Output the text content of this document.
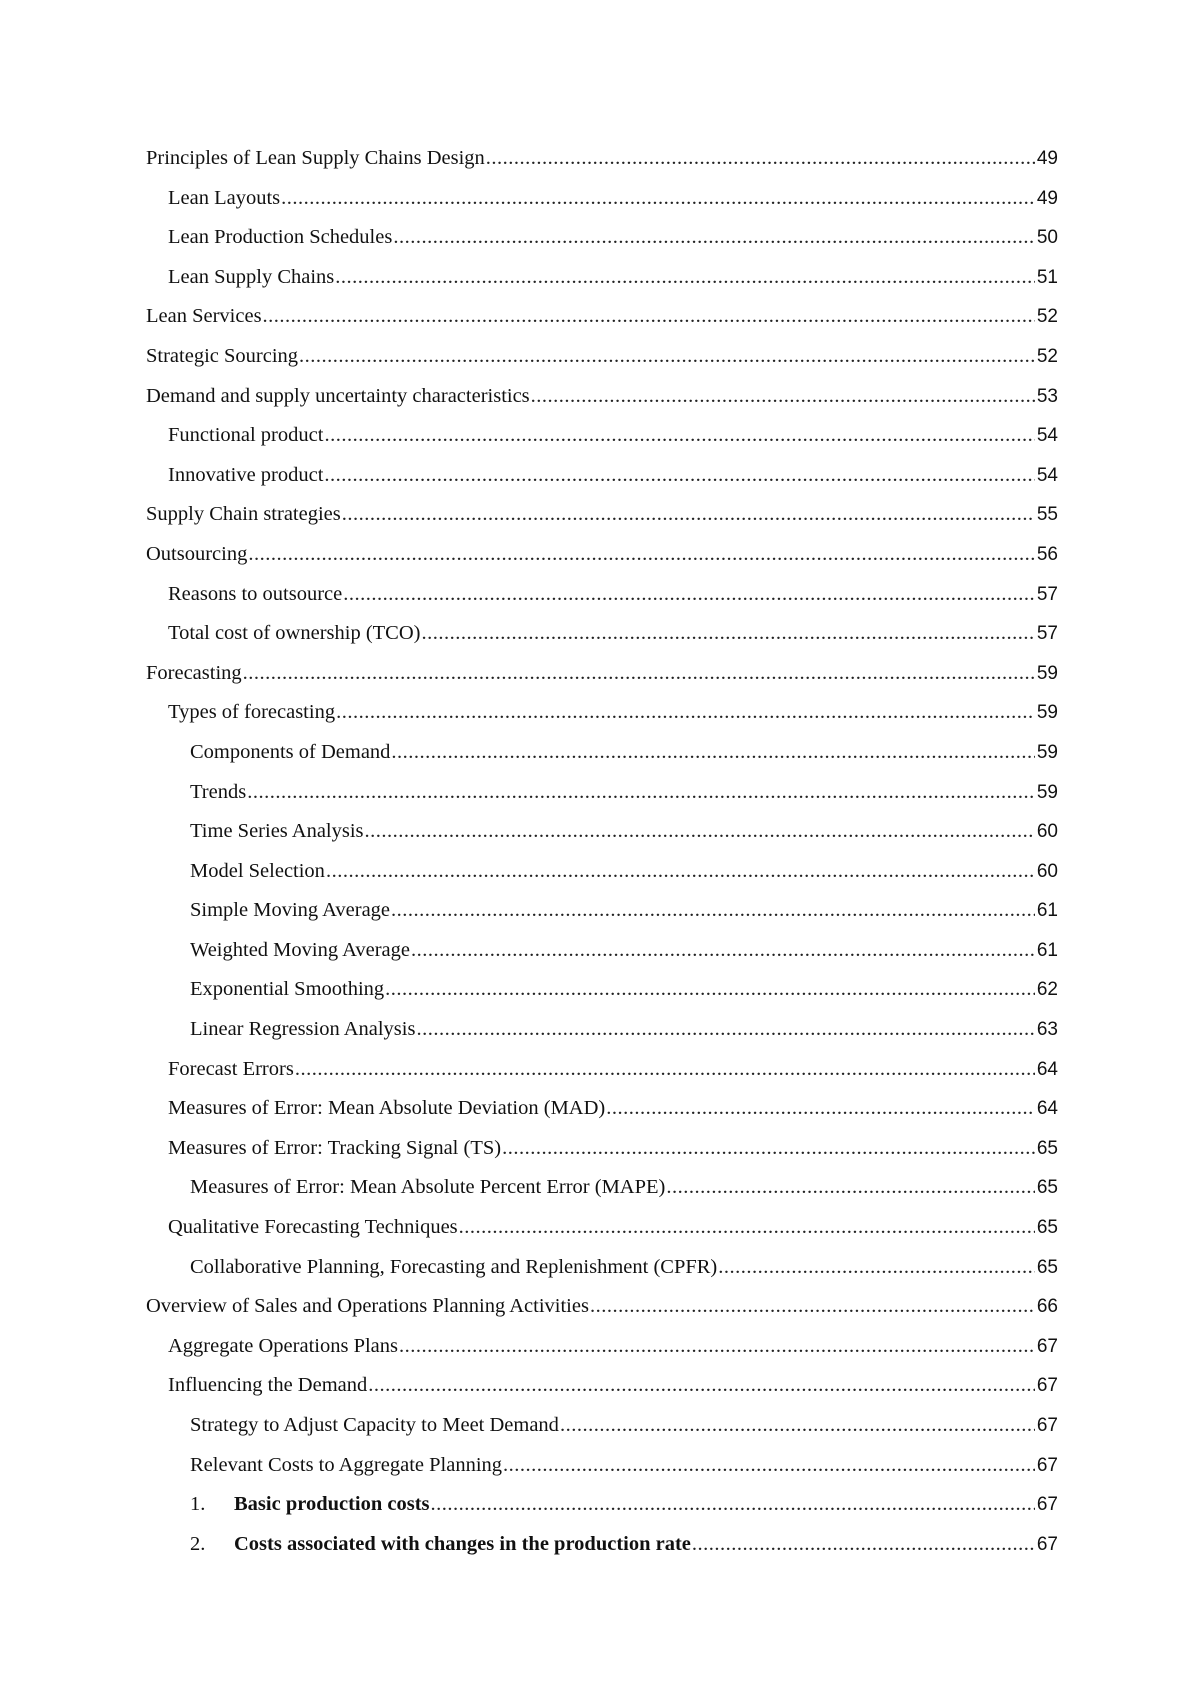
Principles of Lean Supply Chains Design .....	49
Lean Layouts .....	49
Lean Production Schedules .....	50
Lean Supply Chains .....	51
Lean Services .....	52
Strategic Sourcing .....	52
Demand and supply uncertainty characteristics .....	53
Functional product .....	54
Innovative product .....	54
Supply Chain strategies .....	55
Outsourcing .....	56
Reasons to outsource .....	57
Total cost of ownership (TCO) .....	57
Forecasting .....	59
Types of forecasting .....	59
Components of Demand .....	59
Trends .....	59
Time Series Analysis .....	60
Model Selection .....	60
Simple Moving Average .....	61
Weighted Moving Average .....	61
Exponential Smoothing .....	62
Linear Regression Analysis .....	63
Forecast Errors .....	64
Measures of Error: Mean Absolute Deviation (MAD) .....	64
Measures of Error: Tracking Signal (TS) .....	65
Measures of Error: Mean Absolute Percent Error (MAPE) .....	65
Qualitative Forecasting Techniques .....	65
Collaborative Planning, Forecasting and Replenishment (CPFR) .....	65
Overview of Sales and Operations Planning Activities .....	66
Aggregate Operations Plans .....	67
Influencing the Demand .....	67
Strategy to Adjust Capacity to Meet Demand .....	67
Relevant Costs to Aggregate Planning .....	67
1.	Basic production costs .....	67
2.	Costs associated with changes in the production rate .....	67
